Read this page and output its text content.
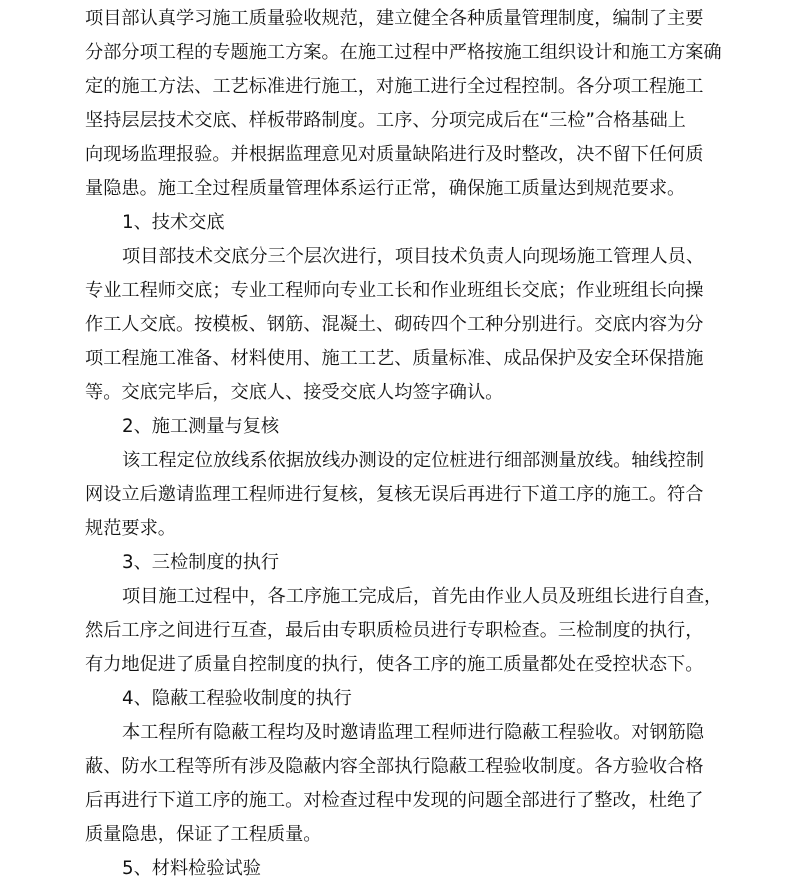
项目部认真学习施工质量验收规范，建立健全各种质量管理制度，编制了主要
分部分项工程的专题施工方案。在施工过程中严格按施工组织设计和施工方案确
定的施工方法、工艺标准进行施工，对施工进行全过程控制。各分项工程施工
坚持层层技术交底、样板带路制度。工序、分项完成后在“三检”合格基础上
向现场监理报验。并根据监理意见对质量缺陷进行及时整改，决不留下任何质
量隐患。施工全过程质量管理体系运行正常，确保施工质量达到规范要求。
1、技术交底
项目部技术交底分三个层次进行，项目技术负责人向现场施工管理人员、
专业工程师交底；专业工程师向专业工长和作业班组长交底；作业班组长向操
作工人交底。按模板、钢筋、混凝土、砌砖四个工种分别进行。交底内容为分
项工程施工准备、材料使用、施工工艺、质量标准、成品保护及安全环保措施
等。交底完毕后，交底人、接受交底人均签字确认。
2、施工测量与复核
该工程定位放线系依据放线办测设的定位桩进行细部测量放线。轴线控制
网设立后邀请监理工程师进行复核，复核无误后再进行下道工序的施工。符合
规范要求。
3、三检制度的执行
项目施工过程中，各工序施工完成后，首先由作业人员及班组长进行自查，
然后工序之间进行互查，最后由专职质检员进行专职检查。三检制度的执行，
有力地促进了质量自控制度的执行，使各工序的施工质量都处在受控状态下。
4、隐蔽工程验收制度的执行
本工程所有隐蔽工程均及时邀请监理工程师进行隐蔽工程验收。对钢筋隐
蔽、防水工程等所有涉及隐蔽内容全部执行隐蔽工程验收制度。各方验收合格
后再进行下道工序的施工。对检查过程中发现的问题全部进行了整改，杜绝了
质量隐患，保证了工程质量。
5、材料检验试验
